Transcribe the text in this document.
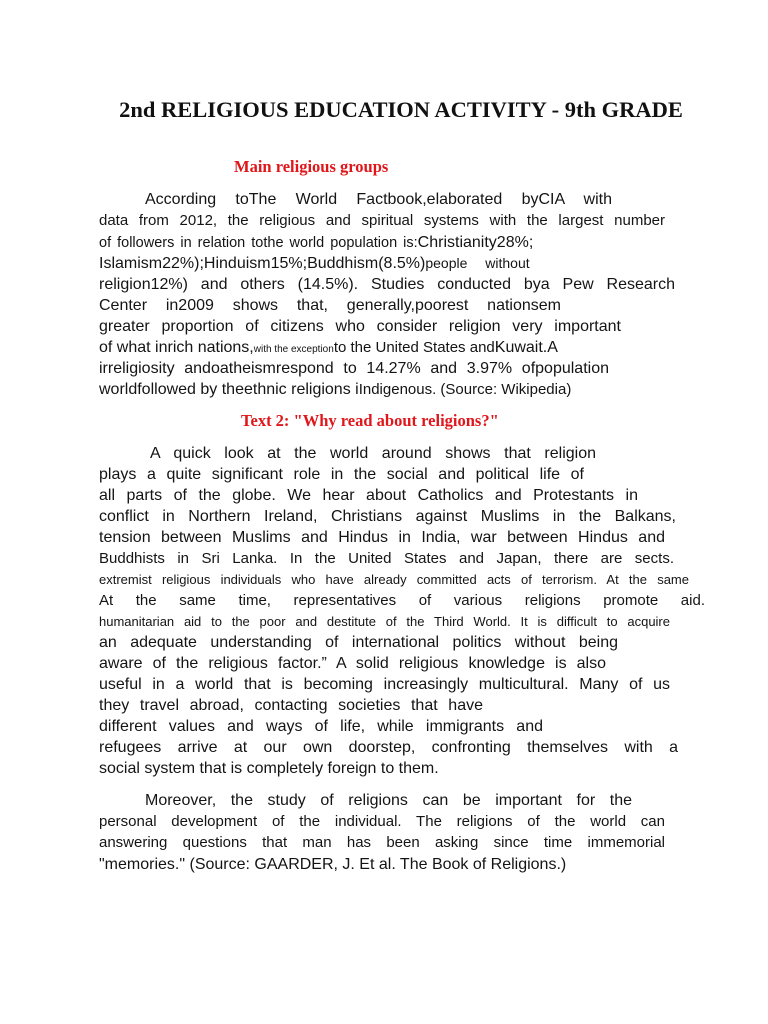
2nd RELIGIOUS EDUCATION ACTIVITY - 9th GRADE
Main religious groups
According toThe World Factbook,elaborated byCIA with
data from 2012, the religious and spiritual systems with the largest number
of followers in relation tothe world population is:Christianity28%;
Islamism22%);Hinduism15%;Buddhism(8.5%)people without
religion12%) and others (14.5%). Studies conducted bya Pew Research
Center in2009 shows that, generally,poorest nationsem
greater proportion of citizens who consider religion very important
of what inrich nations,with the exceptionto the United States andKuwait.A
irreligiosity andoatheismrespond to 14.27% and 3.97% ofpopulation
worldfollowed by theethnic religions iIndigenous. (Source: Wikipedia)
Text 2: "Why read about religions?"
A quick look at the world around shows that religion
plays a quite significant role in the social and political life of
all parts of the globe. We hear about Catholics and Protestants in
conflict in Northern Ireland, Christians against Muslims in the Balkans,
tension between Muslims and Hindus in India, war between Hindus and
Buddhists in Sri Lanka. In the United States and Japan, there are sects.
extremist religious individuals who have already committed acts of terrorism. At the same
At the same time, representatives of various religions promote aid.
humanitarian aid to the poor and destitute of the Third World. It is difficult to acquire
an adequate understanding of international politics without being
aware of the religious factor.” A solid religious knowledge is also
useful in a world that is becoming increasingly multicultural. Many of us
they travel abroad, contacting societies that have
different values and ways of life, while immigrants and
refugees arrive at our own doorstep, confronting themselves with a
social system that is completely foreign to them.
Moreover, the study of religions can be important for the
personal development of the individual. The religions of the world can
answering questions that man has been asking since time immemorial
"memories." (Source: GAARDER, J. Et al. The Book of Religions.)
